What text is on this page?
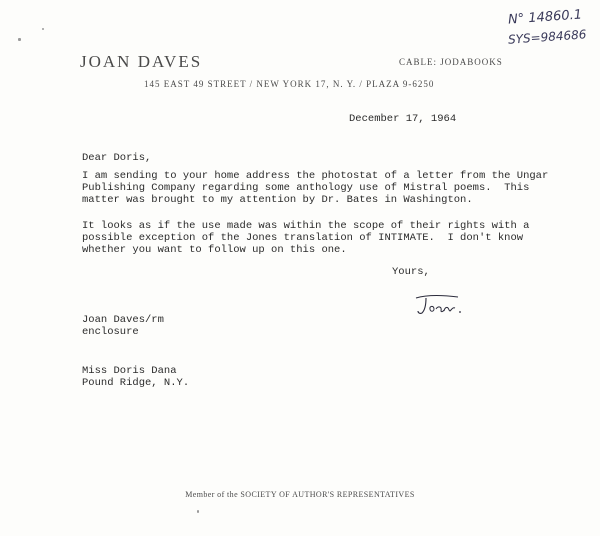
N° 14860.1
SYS=984686
JOAN DAVES	CABLE: JODABOOKS
145 EAST 49 STREET / NEW YORK 17, N. Y. / PLAZA 9-6250
December 17, 1964
Dear Doris,
I am sending to your home address the photostat of a letter from the Ungar
Publishing Company regarding some anthology use of Mistral poems.  This
matter was brought to my attention by Dr. Bates in Washington.
It looks as if the use made was within the scope of their rights with a
possible exception of the Jones translation of INTIMATE.  I don't know
whether you want to follow up on this one.
Yours,
Joan Daves/rm
enclosure
Miss Doris Dana
Pound Ridge, N.Y.
Member of the SOCIETY OF AUTHOR'S REPRESENTATIVES
